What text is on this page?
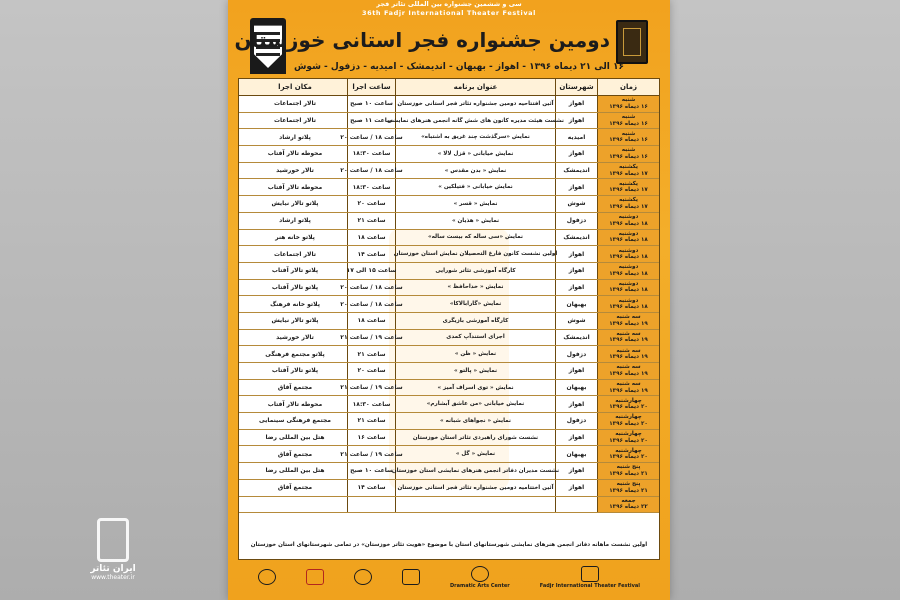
سی و ششمین جشنواره بین المللی تئاتر فجر
36th Fadjr International Theater Festival
دومین جشنواره فجر استانی خوزستان
۱۶ الی ۲۱ دیماه ۱۳۹۶ - اهواز - بهبهان - اندیمشک - امیدیه - دزفول - شوش
زمان
شهرستان
عنوان برنامه
ساعت اجرا
مکان اجرا
شنبه
۱۶ دیماه ۱۳۹۶
اهواز
آئین افتتاحیه دومین جشنواره تئاتر فجر استانی خوزستان
ساعت ۱۰ صبح
تالار اجتماعات
شنبه
۱۶ دیماه ۱۳۹۶
اهواز
نشست هیئت مدیره کانون های شش گانه انجمن هنرهای نمایشی
ساعت ۱۱ صبح
تالار اجتماعات
شنبه
۱۶ دیماه ۱۳۹۶
امیدیه
نمایش «سرگذشت چند غریق به اشتباه»
ساعت ۱۸ / ساعت ۲۰
پلاتو ارشاد
شنبه
۱۶ دیماه ۱۳۹۶
اهواز
نمایش خیابانی « قزل لالا »
ساعت ۱۸:۳۰
محوطه تالار آفتاب
یکشنبه
۱۷ دیماه ۱۳۹۶
اندیمشک
نمایش « بدن مقدس »
ساعت ۱۸ / ساعت ۲۰
تالار خورشید
یکشنبه
۱۷ دیماه ۱۳۹۶
اهواز
نمایش خیابانی « فتیلکین »
ساعت ۱۸:۳۰
محوطه تالار آفتاب
یکشنبه
۱۷ دیماه ۱۳۹۶
شوش
نمایش « قسر »
ساعت ۲۰
پلاتو تالار نیایش
دوشنبه
۱۸ دیماه ۱۳۹۶
دزفول
نمایش « هذیان »
ساعت ۲۱
پلاتو ارشاد
دوشنبه
۱۸ دیماه ۱۳۹۶
اندیمشک
نمایش «سی ساله که بیست ساله»
ساعت ۱۸
پلاتو خانه هنر
دوشنبه
۱۸ دیماه ۱۳۹۶
اهواز
اولین نشست کانون فارغ التحصیلان نمایش استان خوزستان
ساعت ۱۴
تالار اجتماعات
دوشنبه
۱۸ دیماه ۱۳۹۶
اهواز
کارگاه آموزشی تئاتر شورایی
ساعت ۱۵ الی ۱۷
پلاتو تالار آفتاب
دوشنبه
۱۸ دیماه ۱۳۹۶
اهواز
نمایش « خداحافظ »
ساعت ۱۸ / ساعت ۲۰
پلاتو تالار آفتاب
دوشنبه
۱۸ دیماه ۱۳۹۶
بهبهان
نمایش «گارابالاکا»
ساعت ۱۸ / ساعت ۲۰
پلاتو خانه فرهنگ
سه شنبه
۱۹ دیماه ۱۳۹۶
شوش
کارگاه آموزشی بازیگری
ساعت ۱۸
پلاتو تالار نیایش
سه شنبه
۱۹ دیماه ۱۳۹۶
اندیمشک
اجرای استندآپ کمدی
ساعت ۱۹ / ساعت ۲۱
تالار خورشید
سه شنبه
۱۹ دیماه ۱۳۹۶
دزفول
نمایش « ظن »
ساعت ۲۱
پلاتو مجتمع فرهنگی
سه شنبه
۱۹ دیماه ۱۳۹۶
اهواز
نمایش « پالتو »
ساعت ۲۰
پلاتو تالار آفتاب
سه شنبه
۱۹ دیماه ۱۳۹۶
بهبهان
نمایش « توی اسراف آمیز »
ساعت ۱۹ / ساعت ۲۱
مجتمع آفاق
چهارشنبه
۲۰ دیماه ۱۳۹۶
اهواز
نمایش خیابانی «من عاشق آبشارم»
ساعت ۱۸:۳۰
محوطه تالار آفتاب
چهارشنبه
۲۰ دیماه ۱۳۹۶
دزفول
نمایش « نجواهای شبانه »
ساعت ۲۱
مجتمع فرهنگی سینمایی
چهارشنبه
۲۰ دیماه ۱۳۹۶
اهواز
نشست شورای راهبردی تئاتر استان خوزستان
ساعت ۱۶
هتل بین المللی رضا
چهارشنبه
۲۰ دیماه ۱۳۹۶
بهبهان
نمایش « گل »
ساعت ۱۹ / ساعت ۲۱
مجتمع آفاق
پنج شنبه
۲۱ دیماه ۱۳۹۶
اهواز
نشست مدیران دفاتر انجمن هنرهای نمایشی استان خوزستان
ساعت ۱۰ صبح
هتل بین المللی رضا
پنج شنبه
۲۱ دیماه ۱۳۹۶
اهواز
آئین اختتامیه دومین جشنواره تئاتر فجر استانی خوزستان
ساعت ۱۴
مجتمع آفاق
جمعه
۲۲ دیماه ۱۳۹۶
اولین نشست ماهانه دفاتر انجمن هنرهای نمایشی شهرستانهای استان با موضوع «هویت تئاتر خوزستان» در تمامی شهرستانهای استان خوزستان
Fadjr International Theater Festival
Dramatic Arts Center
ایران تئاتر
www.theater.ir
